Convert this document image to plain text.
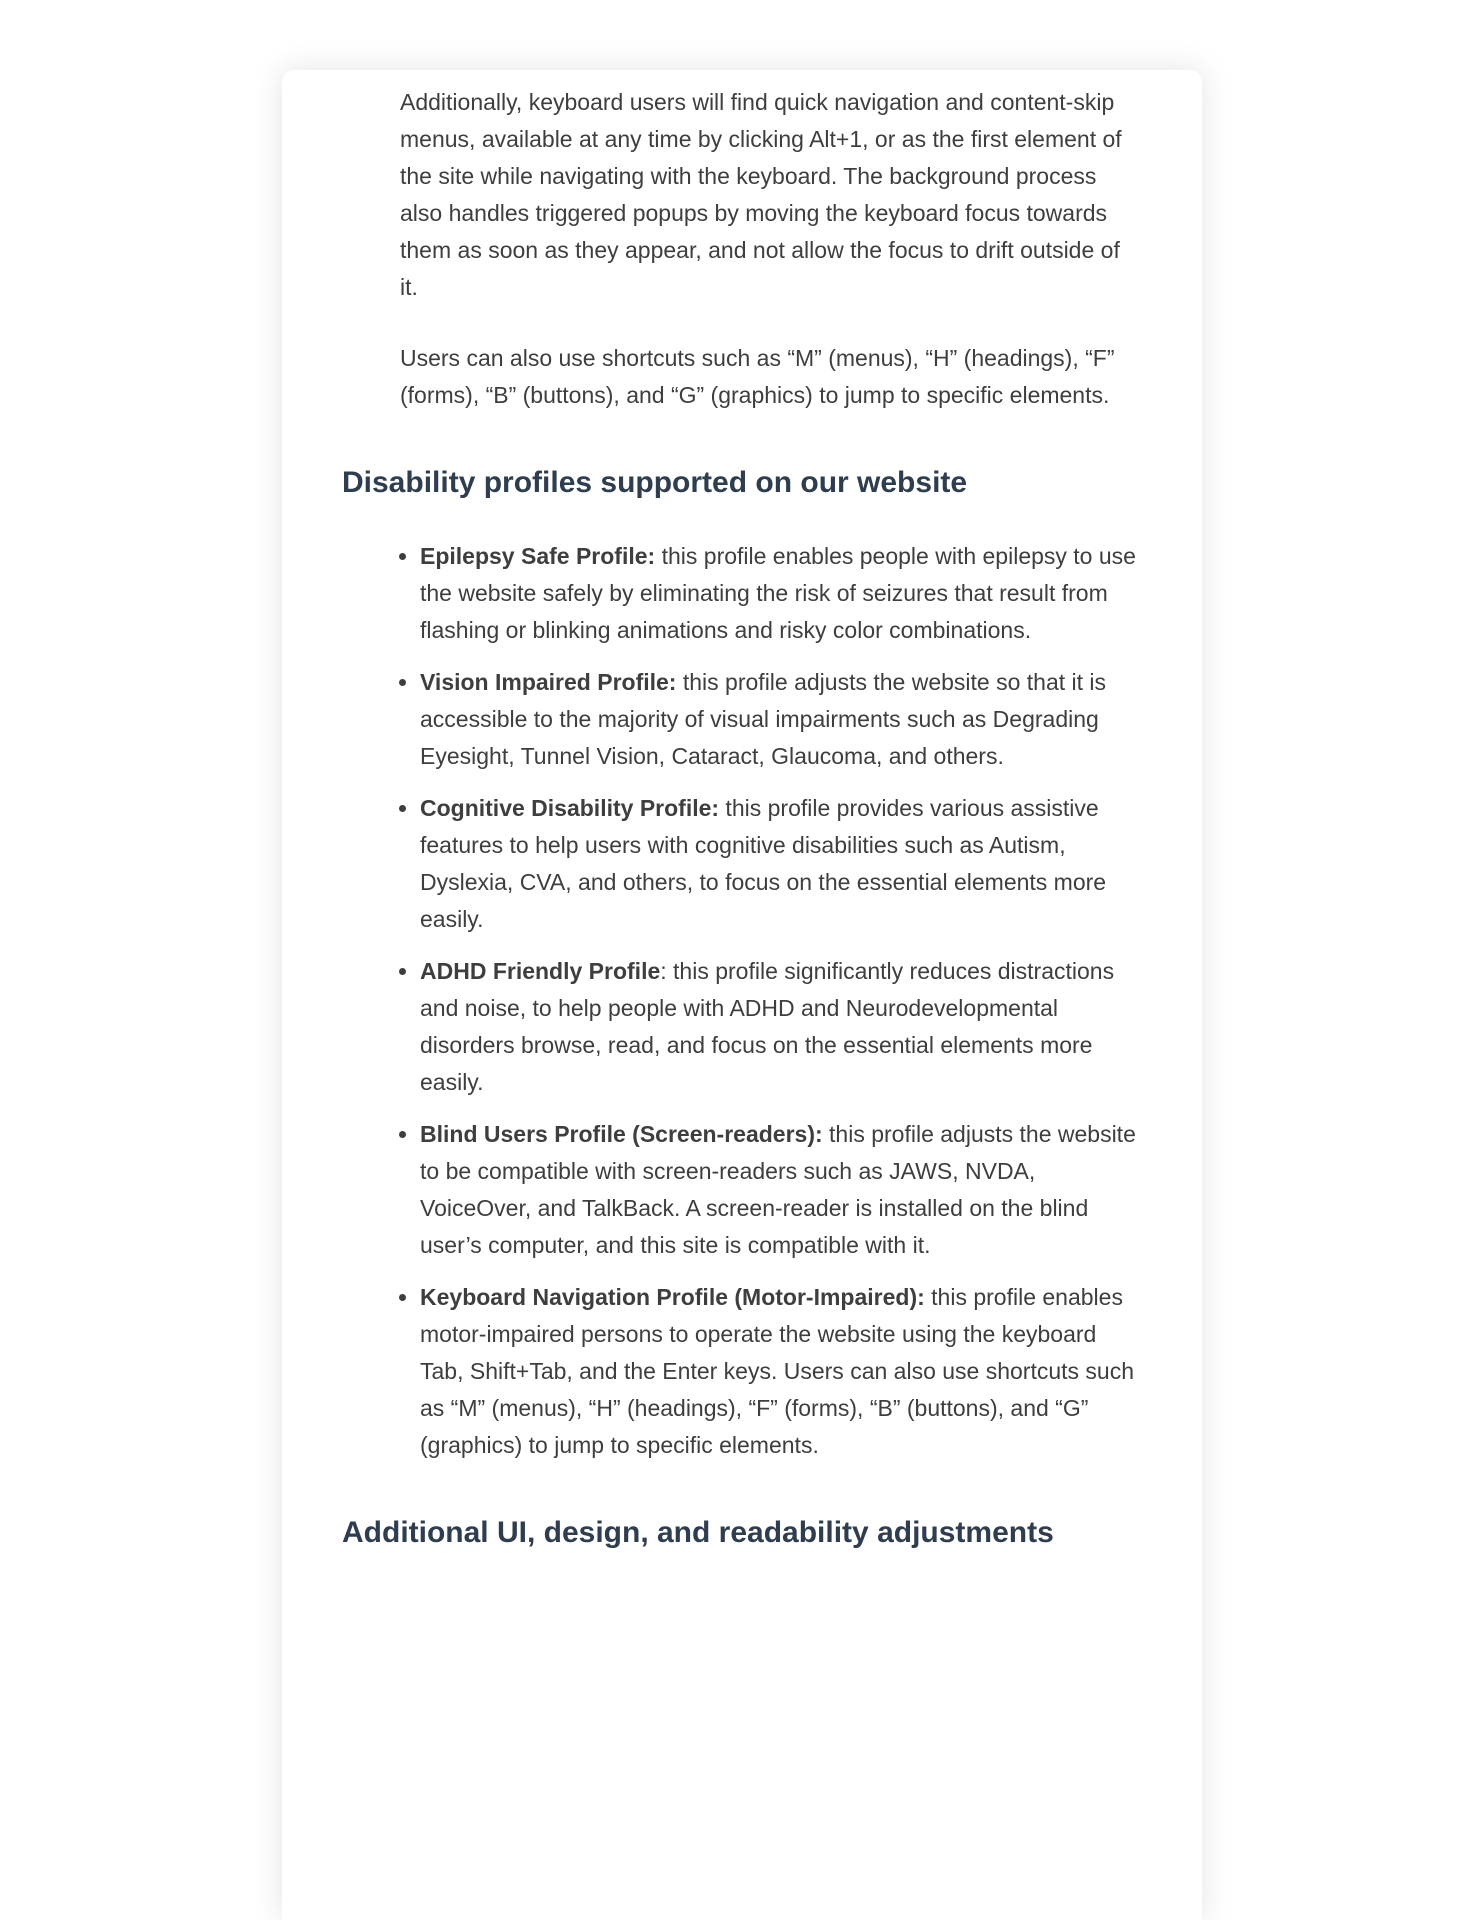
Additionally, keyboard users will find quick navigation and content-skip menus, available at any time by clicking Alt+1, or as the first element of the site while navigating with the keyboard. The background process also handles triggered popups by moving the keyboard focus towards them as soon as they appear, and not allow the focus to drift outside of it.

Users can also use shortcuts such as “M” (menus), “H” (headings), “F” (forms), “B” (buttons), and “G” (graphics) to jump to specific elements.

Disability profiles supported on our website
• Epilepsy Safe Profile: this profile enables people with epilepsy to use the website safely by eliminating the risk of seizures that result from flashing or blinking animations and risky color combinations.
• Vision Impaired Profile: this profile adjusts the website so that it is accessible to the majority of visual impairments such as Degrading Eyesight, Tunnel Vision, Cataract, Glaucoma, and others.
• Cognitive Disability Profile: this profile provides various assistive features to help users with cognitive disabilities such as Autism, Dyslexia, CVA, and others, to focus on the essential elements more easily.
• ADHD Friendly Profile: this profile significantly reduces distractions and noise, to help people with ADHD and Neurodevelopmental disorders browse, read, and focus on the essential elements more easily.
• Blind Users Profile (Screen-readers): this profile adjusts the website to be compatible with screen-readers such as JAWS, NVDA, VoiceOver, and TalkBack. A screen-reader is installed on the blind user’s computer, and this site is compatible with it.
• Keyboard Navigation Profile (Motor-Impaired): this profile enables motor-impaired persons to operate the website using the keyboard Tab, Shift+Tab, and the Enter keys. Users can also use shortcuts such as “M” (menus), “H” (headings), “F” (forms), “B” (buttons), and “G” (graphics) to jump to specific elements.
Additional UI, design, and readability adjustments
